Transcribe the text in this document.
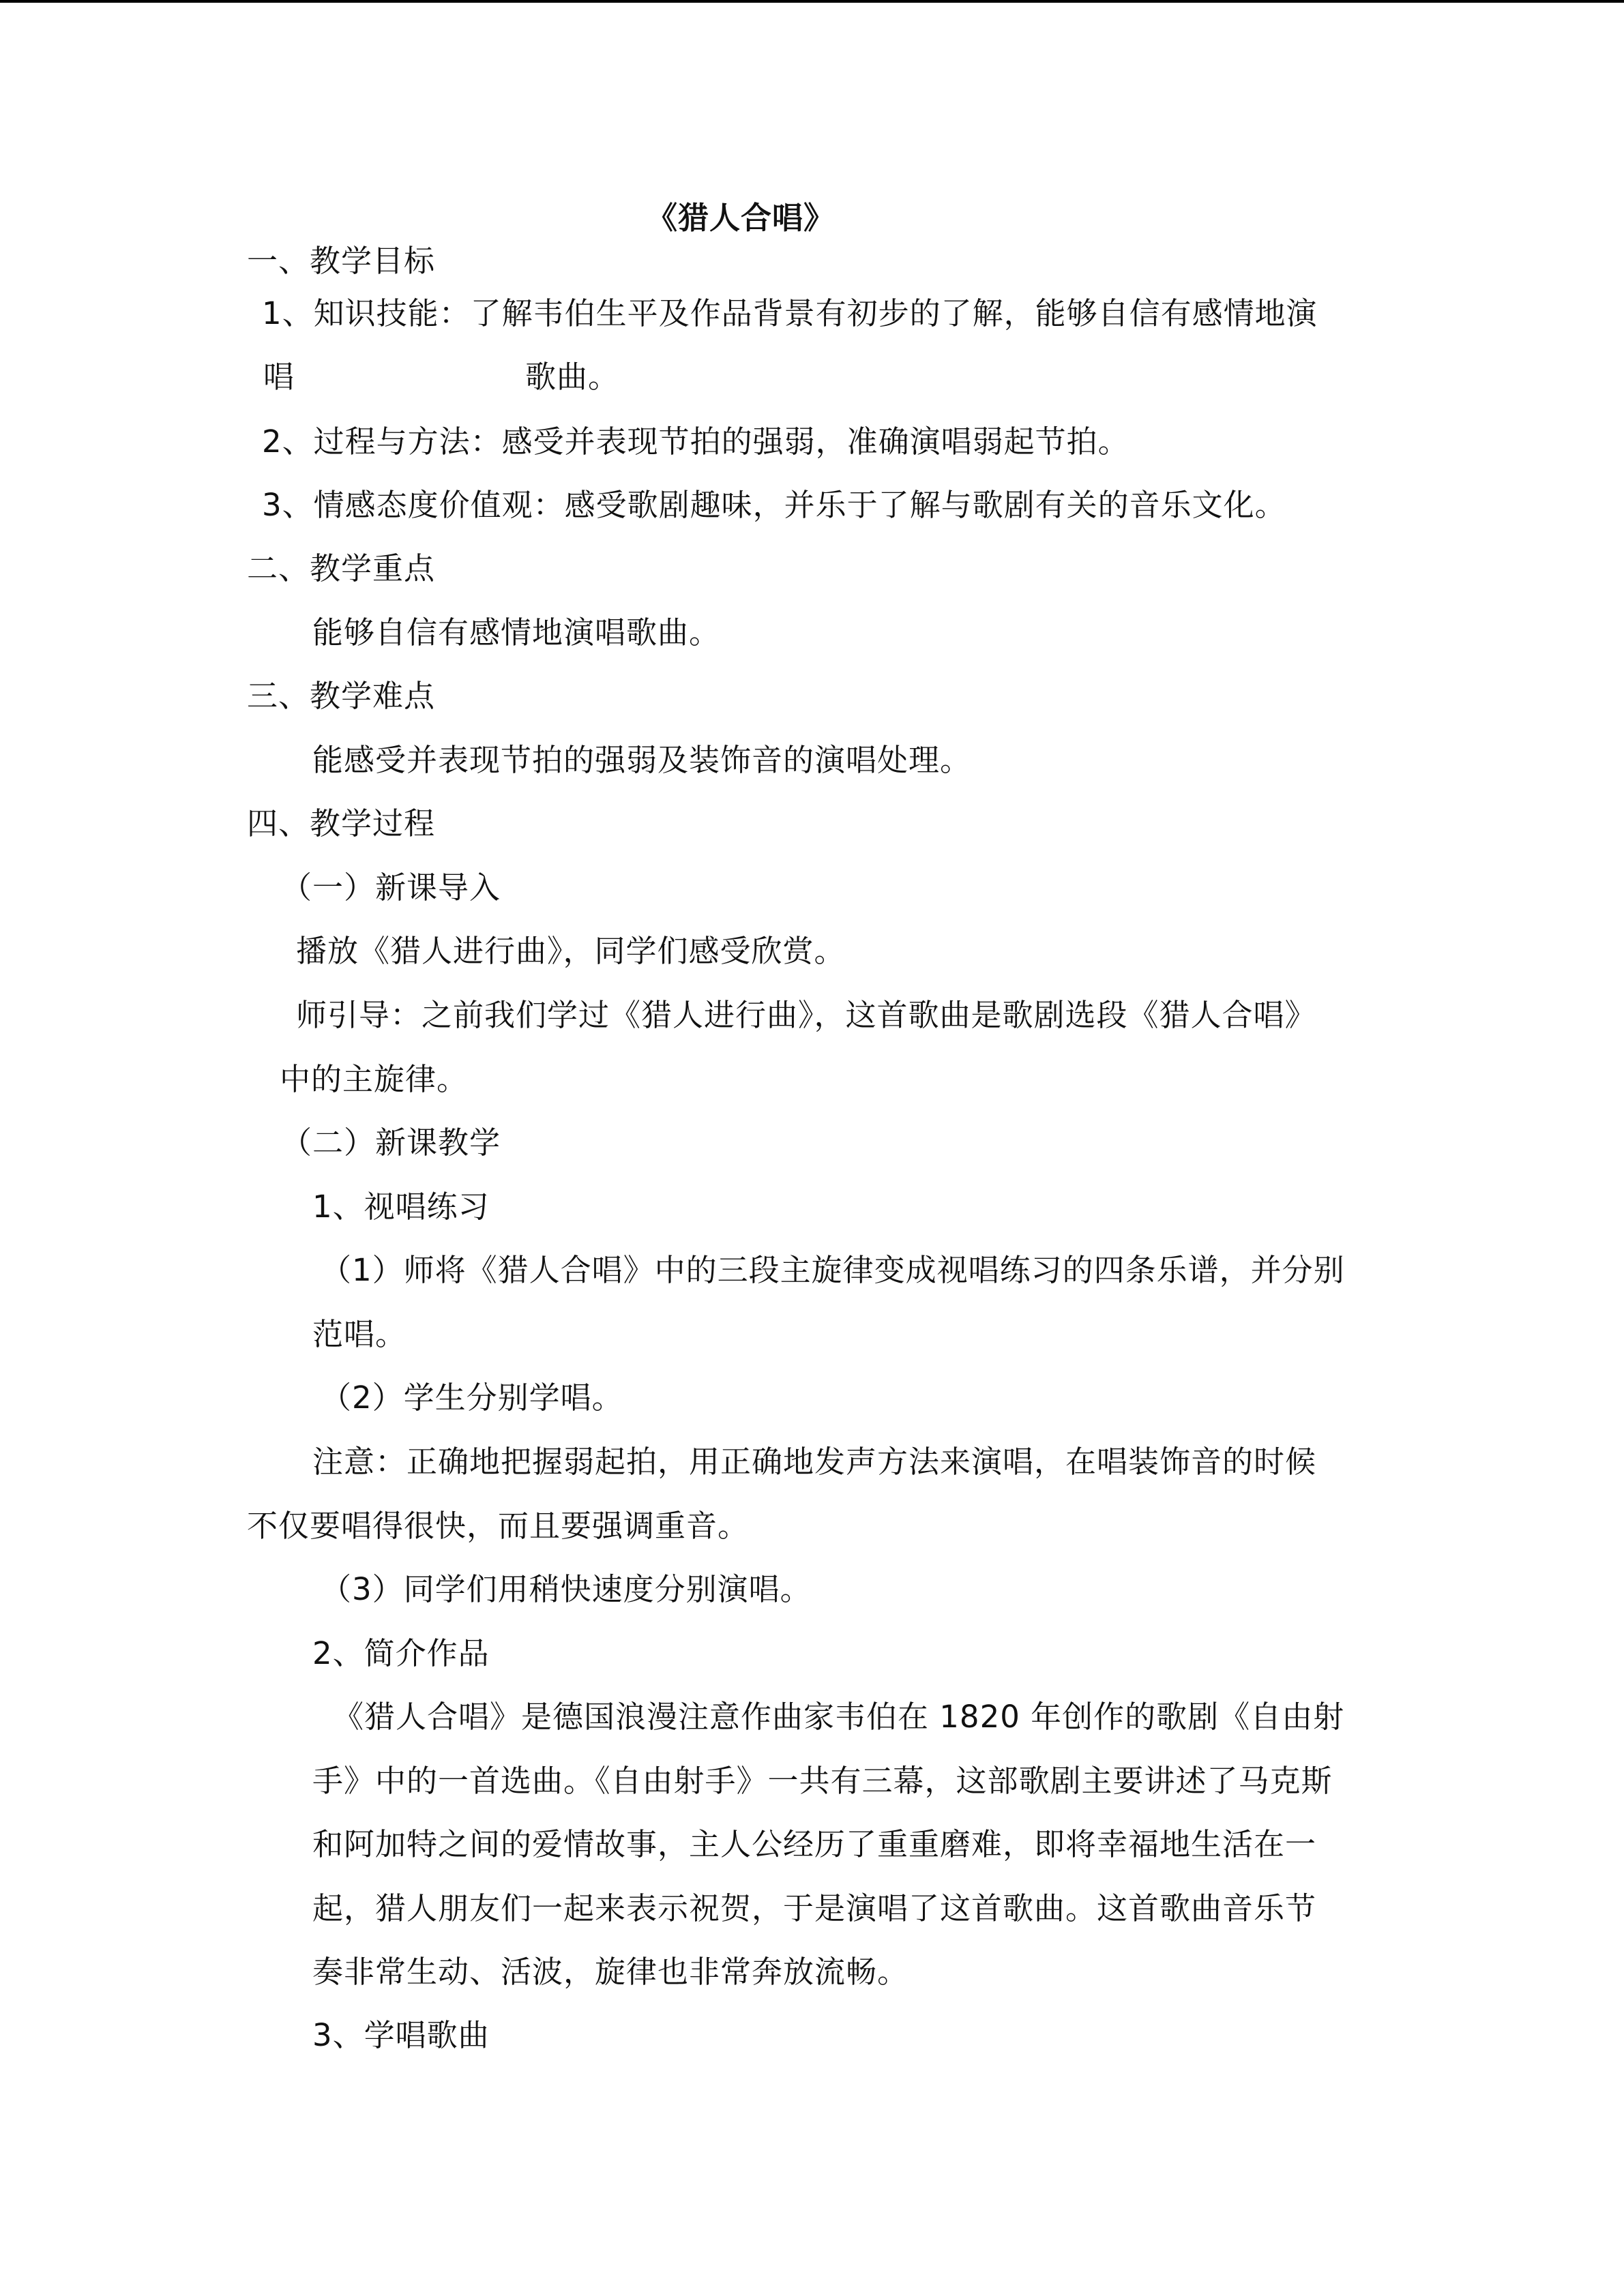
《猎人合唱》

一、教学目标

1、知识技能：了解韦伯生平及作品背景有初步的了解，能够自信有感情地演

唱	歌曲。

2、过程与方法：感受并表现节拍的强弱，准确演唱弱起节拍。

3、情感态度价值观：感受歌剧趣味，并乐于了解与歌剧有关的音乐文化。

二、教学重点

能够自信有感情地演唱歌曲。

三、教学难点

能感受并表现节拍的强弱及装饰音的演唱处理。

四、教学过程

（一）新课导入

播放《猎人进行曲》，同学们感受欣赏。

师引导：之前我们学过《猎人进行曲》，这首歌曲是歌剧选段《猎人合唱》

中的主旋律。

（二）新课教学

1、视唱练习

（1）师将《猎人合唱》中的三段主旋律变成视唱练习的四条乐谱，并分别

范唱。

（2）学生分别学唱。

注意：正确地把握弱起拍，用正确地发声方法来演唱，在唱装饰音的时候

不仅要唱得很快，而且要强调重音。

（3）同学们用稍快速度分别演唱。

2、简介作品

《猎人合唱》是德国浪漫注意作曲家韦伯在 1820 年创作的歌剧《自由射

手》中的一首选曲。《自由射手》一共有三幕，这部歌剧主要讲述了马克斯

和阿加特之间的爱情故事，主人公经历了重重磨难，即将幸福地生活在一

起，猎人朋友们一起来表示祝贺，于是演唱了这首歌曲。这首歌曲音乐节

奏非常生动、活波，旋律也非常奔放流畅。

3、学唱歌曲
